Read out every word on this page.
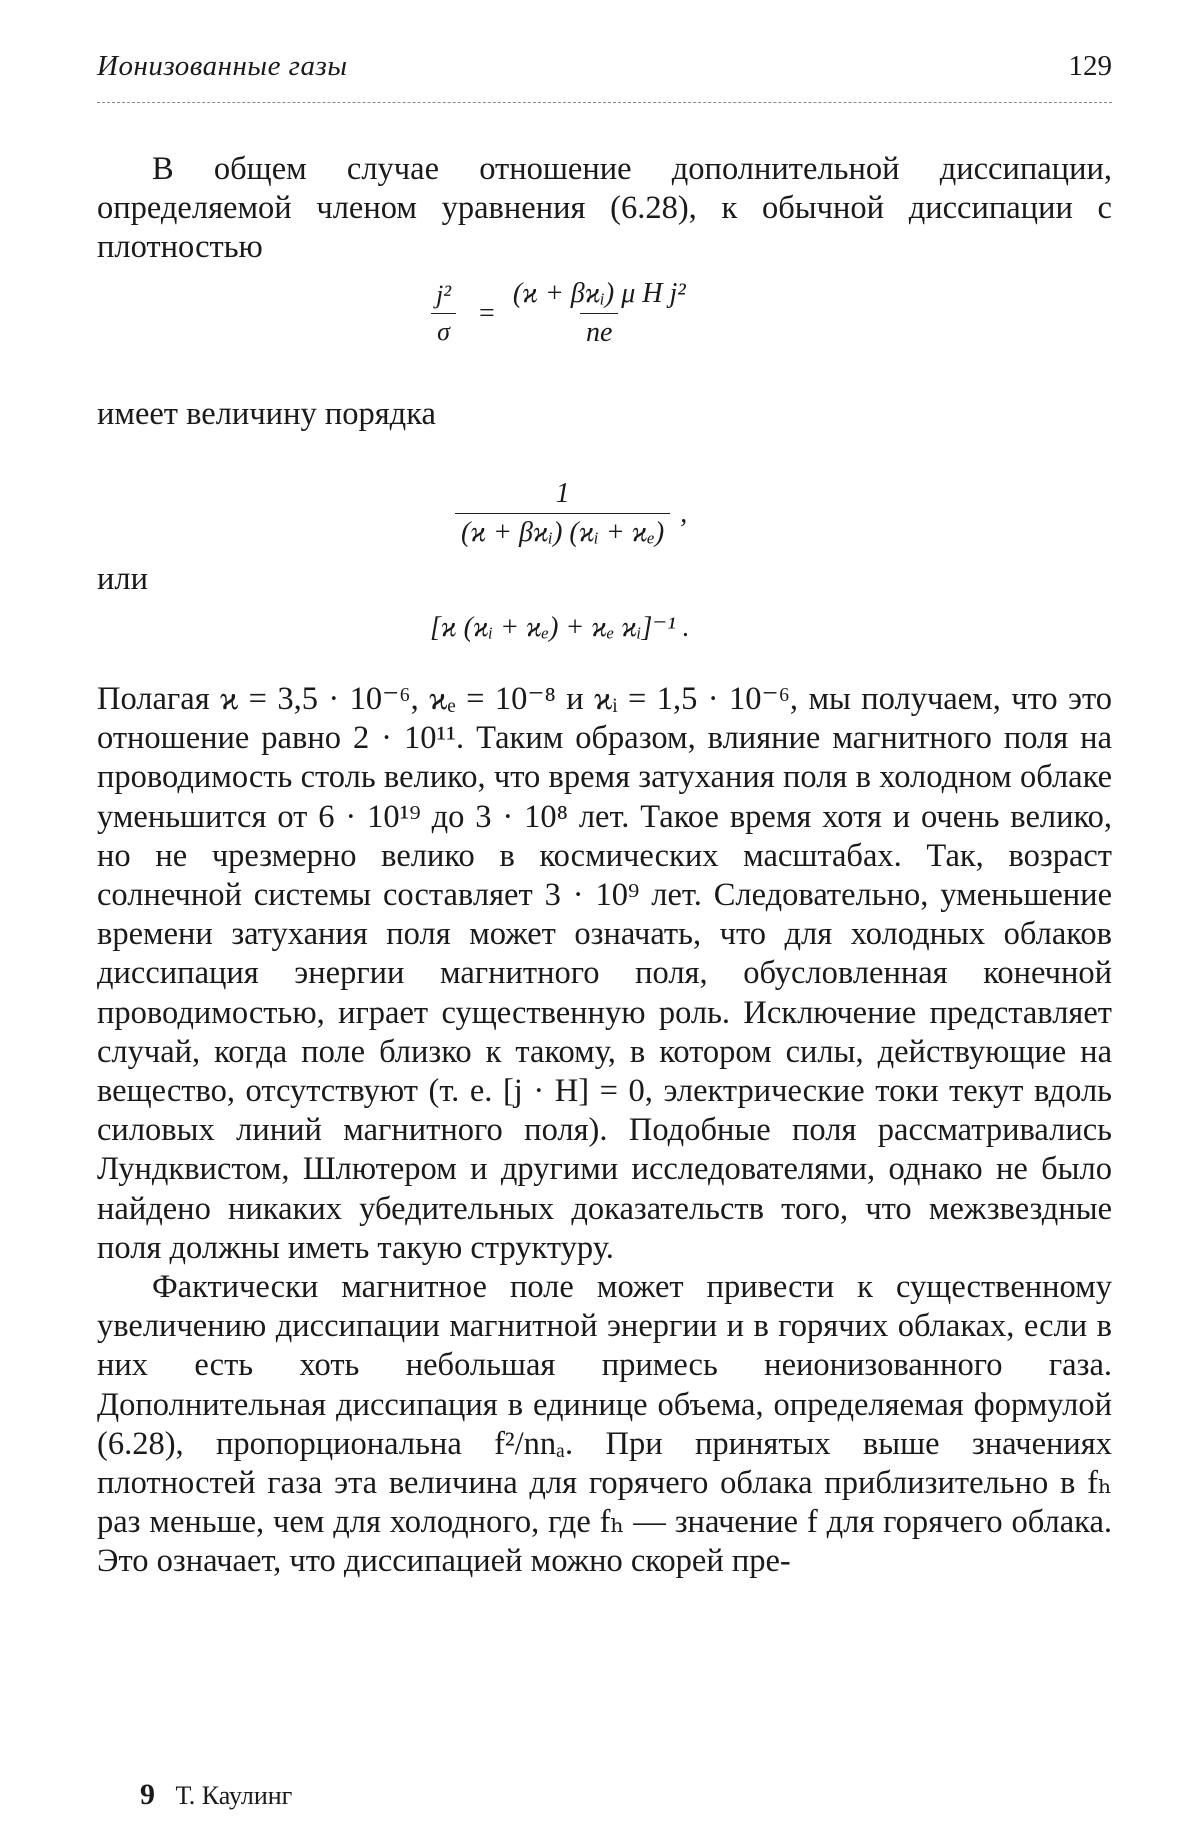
Ионизованные газы	129

В общем случае отношение дополнительной диссипации, определяемой членом уравнения (6.28), к обычной диссипации с плотностью

$\frac{\text{j²}}{\sigma} = \frac{\text{(ϰ + βϰᵢ) μ H j²}}{ne}$

имеет величину порядка

$\frac{1}{\text{(ϰ + βϰᵢ) (ϰᵢ + ϰₑ)}}$ ,

или

[ϰ (ϰᵢ + ϰₑ) + ϰₑ ϰᵢ]⁻¹ .

Полагая ϰ = 3,5 · 10⁻⁶, ϰₑ = 10⁻⁸ и ϰᵢ = 1,5 · 10⁻⁶, мы получаем, что это отношение равно 2 · 10¹¹. Таким образом, влияние магнитного поля на проводимость столь велико, что время затухания поля в холодном облаке уменьшится от 6 · 10¹⁹ до 3 · 10⁸ лет. Такое время хотя и очень велико, но не чрезмерно велико в космических масштабах. Так, возраст солнечной системы составляет 3 · 10⁹ лет. Следовательно, уменьшение времени затухания поля может означать, что для холодных облаков диссипация энергии магнитного поля, обусловленная конечной проводимостью, играет существенную роль. Исключение представляет случай, когда поле близко к такому, в котором силы, действующие на вещество, отсутствуют (т. е. [j · H] = 0, электрические токи текут вдоль силовых линий магнитного поля). Подобные поля рассматривались Лундквистом, Шлютером и другими исследователями, однако не было найдено никаких убедительных доказательств того, что межзвездные поля должны иметь такую структуру.

Фактически магнитное поле может привести к существенному увеличению диссипации магнитной энергии и в горячих облаках, если в них есть хоть небольшая примесь неионизованного газа. Дополнительная диссипация в единице объема, определяемая формулой (6.28), пропорциональна f²/nnₐ. При принятых выше значениях плотностей газа эта величина для горячего облака приблизительно в fₕ раз меньше, чем для холодного, где fₕ — значение f для горячего облака. Это означает, что диссипацией можно скорей пре-

9 Т. Каулинг
